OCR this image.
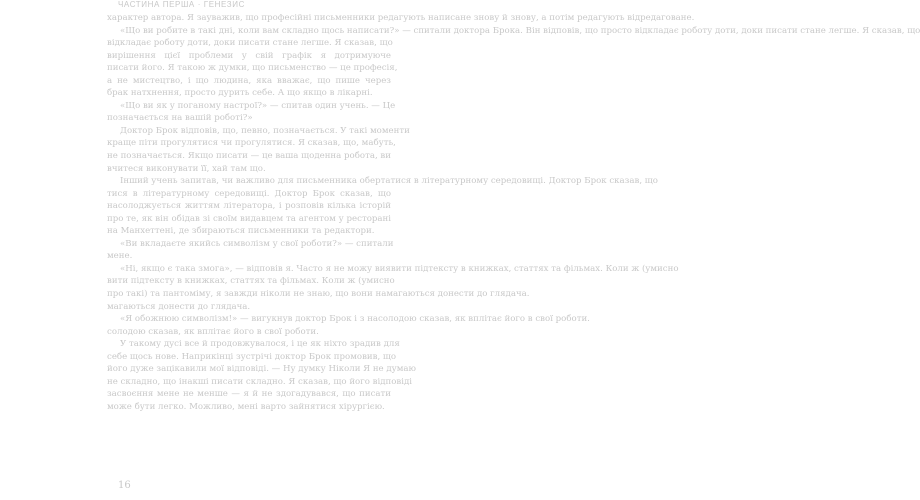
ЧАСТИНА ПЕРША · ГЕНЕЗИС
характер автора. Я зауважив, що професійні письменники редагують написане знову й знову, а потім редагують відредаговане.
«Що ви робите в такі дні, коли вам складно щось написати?» — спитали доктора Брока. Він відповів, що просто відкладає роботу доти, доки писати стане легше. Я сказав, що
відкладає роботу доти, доки писати стане легше. Я сказав, що
вирішення цієї проблеми у свій графік я дотримуюче
писати його. Я такою ж думки, що письменство — це професія,
а не мистецтво, і що людина, яка вважає, що пише через
брак натхнення, просто дурить себе. А що якщо в лікарні.
«Що ви як у поганому настрої?» — спитав один учень. — Це
позначається на вашій роботі?»
Доктор Брок відповів, що, певно, позначається. У такі моменти
краще піти прогулятися чи прогулятися. Я сказав, що, мабуть,
не позначається. Якщо писати — це ваша щоденна робота, ви
вчитеся виконувати її, хай там що.
Інший учень запитав, чи важливо для письменника обертатися в літературному середовищі. Доктор Брок сказав, що
тися в літературному середовищі. Доктор Брок сказав, що
насолоджується життям літератора, і розповів кілька історій
про те, як він обідав зі своїм видавцем та агентом у ресторані
на Манхеттені, де збираються письменники та редактори.
«Ви вкладаєте якийсь символізм у свої роботи?» — спитали
мене.
«Ні, якщо є така змога», — відповів я. Часто я не можу виявити підтексту в книжках, статтях та фільмах. Коли ж (умисно
вити підтексту в книжках, статтях та фільмах. Коли ж (умисно
про такі) та пантоміму, я завжди ніколи не знаю, що вони намагаються донести до глядача.
магаються донести до глядача.
«Я обожнюю символізм!» — вигукнув доктор Брок і з насолодою сказав, як вплітає його в свої роботи.
солодою сказав, як вплітає його в свої роботи.
У такому дусі все й продовжувалося, і це як ніхто зрадив для
себе щось нове. Наприкінці зустрічі доктор Брок промовив, що
його дуже зацікавили мої відповіді. — Ну думку Ніколи Я не думаю
не складно, що інакші писати складно. Я сказав, що його відповіді
засвоєння мене не менше — я й не здогадувався, що писати
може бути легко. Можливо, мені варто зайнятися хірургією.
16
